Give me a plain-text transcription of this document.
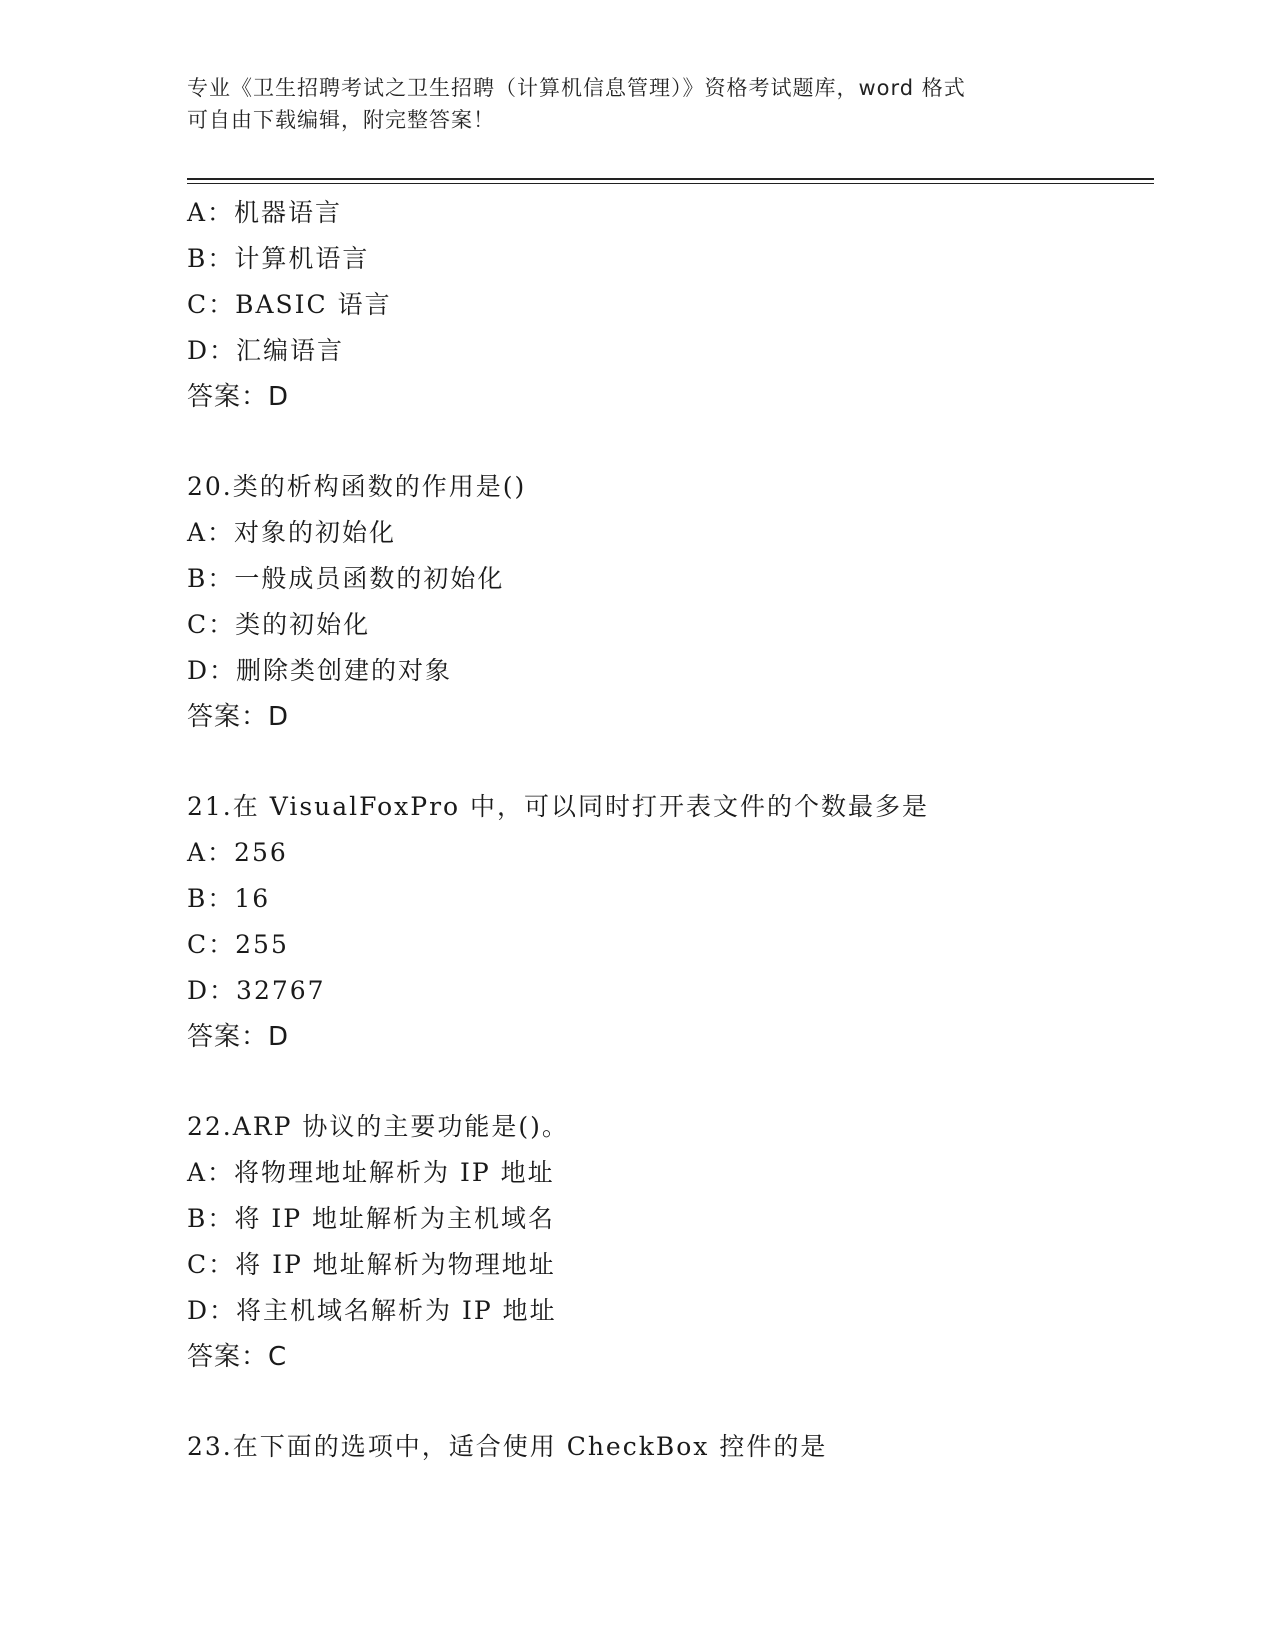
专业《卫生招聘考试之卫生招聘（计算机信息管理）》资格考试题库，word 格式
可自由下载编辑，附完整答案！
A：机器语言
B：计算机语言
C：BASIC 语言
D：汇编语言
答案：D
20.类的析构函数的作用是()
A：对象的初始化
B：一般成员函数的初始化
C：类的初始化
D：删除类创建的对象
答案：D
21.在 VisualFoxPro 中，可以同时打开表文件的个数最多是
A：256
B：16
C：255
D：32767
答案：D
22.ARP 协议的主要功能是()。
A：将物理地址解析为 IP 地址
B：将 IP 地址解析为主机域名
C：将 IP 地址解析为物理地址
D：将主机域名解析为 IP 地址
答案：C
23.在下面的选项中，适合使用 CheckBox 控件的是
